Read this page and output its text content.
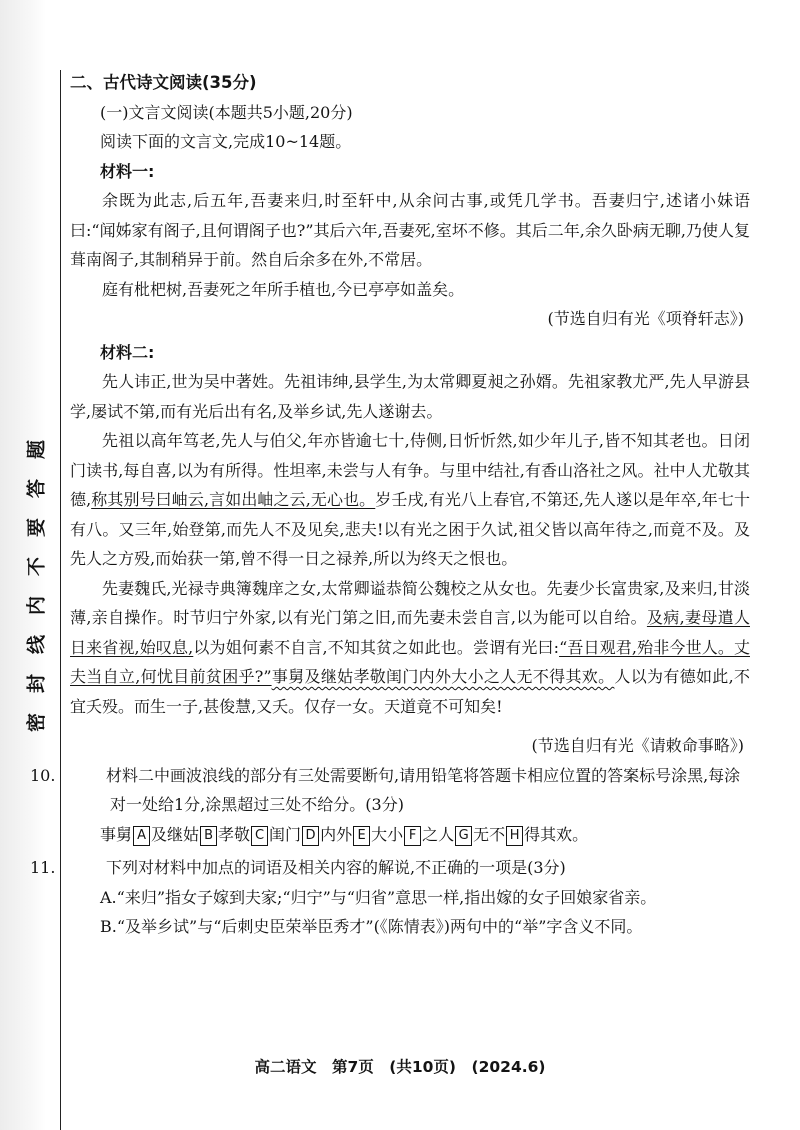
题
答
要
不
内
线
封
密

二、古代诗文阅读(35分)

(一)文言文阅读(本题共5小题,20分)

阅读下面的文言文,完成10~14题。

材料一:

余既为此志,后五年,吾妻来归,时至轩中,从余问古事,或凭几学书。吾妻归宁,述诸小妹语曰:“闻姊家有阁子,且何谓阁子也?”其后六年,吾妻死,室坏不修。其后二年,余久卧病无聊,乃使人复葺南阁子,其制稍异于前。然自后余多在外,不常居。

庭有枇杷树,吾妻死之年所手植也,今已亭亭如盖矣。

(节选自归有光《项脊轩志》)

材料二:

先人讳正,世为吴中著姓。先祖讳绅,县学生,为太常卿夏昶之孙婿。先祖家教尤严,先人早游县学,屡试不第,而有光后出有名,及举乡试,先人遂谢去。

先祖以高年笃老,先人与伯父,年亦皆逾七十,侍侧,日忻忻然,如少年儿子,皆不知其老也。日闭门读书,每自喜,以为有所得。性坦率,未尝与人有争。与里中结社,有香山洛社之风。社中人尤敬其德,称其别号曰岫云,言如出岫之云,无心也。岁壬戌,有光八上春官,不第还,先人遂以是年卒,年七十有八。又三年,始登第,而先人不及见矣,悲夫!以有光之困于久试,祖父皆以高年待之,而竟不及。及先人之方殁,而始获一第,曾不得一日之禄养,所以为终天之恨也。

先妻魏氏,光禄寺典簿魏庠之女,太常卿谥恭简公魏校之从女也。先妻少长富贵家,及来归,甘淡薄,亲自操作。时节归宁外家,以有光门第之旧,而先妻未尝自言,以为能可以自给。及病,妻母遣人日来省视,始叹息,以为姐何素不自言,不知其贫之如此也。尝谓有光曰:“吾日观君,殆非今世人。丈夫当自立,何忧目前贫困乎?”事舅及继姑孝敬闺门内外大小之人无不得其欢。人以为有德如此,不宜夭殁。而生一子,甚俊慧,又夭。仅存一女。天道竟不可知矣!

(节选自归有光《请敕命事略》)

10.	材料二中画波浪线的部分有三处需要断句,请用铅笔将答题卡相应位置的答案标号涂黑,每涂对一处给1分,涂黑超过三处不给分。(3分)

事舅 A 及继姑 B 孝敬 C 闺门 D 内外 E 大小 F 之人 G 无不 H 得其欢。

11.	下列对材料中加点的词语及相关内容的解说,不正确的一项是(3分)

A.“来归”指女子嫁到夫家;“归宁”与“归省”意思一样,指出嫁的女子回娘家省亲。

B.“及举乡试”与“后刺史臣荣举臣秀才”(《陈情表》)两句中的“举”字含义不同。

高二语文　第7页　(共10页)　(2024.6)
